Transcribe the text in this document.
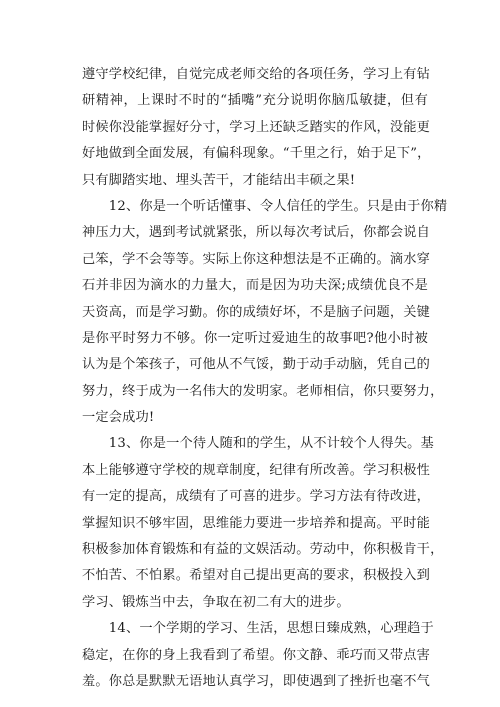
遵守学校纪律，自觉完成老师交给的各项任务，学习上有钻
研精神，上课时不时的“插嘴”充分说明你脑瓜敏捷，但有
时候你没能掌握好分寸，学习上还缺乏踏实的作风，没能更
好地做到全面发展，有偏科现象。“千里之行，始于足下”，
只有脚踏实地、埋头苦干，才能结出丰硕之果!
　　12、你是一个听话懂事、令人信任的学生。只是由于你精
神压力大，遇到考试就紧张，所以每次考试后，你都会说自
己笨，学不会等等。实际上你这种想法是不正确的。滴水穿
石并非因为滴水的力量大，而是因为功夫深;成绩优良不是
天资高，而是学习勤。你的成绩好坏，不是脑子问题，关键
是你平时努力不够。你一定听过爱迪生的故事吧?他小时被
认为是个笨孩子，可他从不气馁，勤于动手动脑，凭自己的
努力，终于成为一名伟大的发明家。老师相信，你只要努力，
一定会成功!
　　13、你是一个待人随和的学生，从不计较个人得失。基
本上能够遵守学校的规章制度，纪律有所改善。学习积极性
有一定的提高，成绩有了可喜的进步。学习方法有待改进，
掌握知识不够牢固，思维能力要进一步培养和提高。平时能
积极参加体育锻炼和有益的文娱活动。劳动中，你积极肯干，
不怕苦、不怕累。希望对自己提出更高的要求，积极投入到
学习、锻炼当中去，争取在初二有大的进步。
　　14、一个学期的学习、生活，思想日臻成熟，心理趋于
稳定，在你的身上我看到了希望。你文静、乖巧而又带点害
羞。你总是默默无语地认真学习，即使遇到了挫折也毫不气
